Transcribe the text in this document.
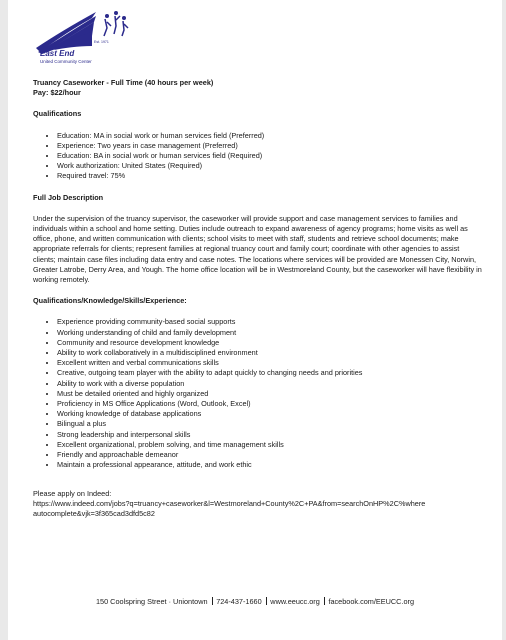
East End
United Community Center
Est. 1971
Truancy Caseworker - Full Time (40 hours per week)
Pay: $22/hour
Qualifications
• Education: MA in social work or human services field (Preferred)
• Experience: Two years in case management (Preferred)
• Education: BA in social work or human services field (Required)
• Work authorization: United States (Required)
• Required travel: 75%
Full Job Description
Under the supervision of the truancy supervisor, the caseworker will provide support and case management services to families and individuals within a school and home setting. Duties include outreach to expand awareness of agency programs; home visits as well as office, phone, and written communication with clients; school visits to meet with staff, students and retrieve school documents; make appropriate referrals for clients; represent families at regional truancy court and family court; coordinate with other agencies to assist clients; maintain case files including data entry and case notes. The locations where services will be provided are Monessen City, Norwin, Greater Latrobe, Derry Area, and Yough. The home office location will be in Westmoreland County, but the caseworker will have flexibility in working remotely.
Qualifications/Knowledge/Skills/Experience:
• Experience providing community-based social supports
• Working understanding of child and family development
• Community and resource development knowledge
• Ability to work collaboratively in a multidisciplined environment
• Excellent written and verbal communications skills
• Creative, outgoing team player with the ability to adapt quickly to changing needs and priorities
• Ability to work with a diverse population
• Must be detailed oriented and highly organized
• Proficiency in MS Office Applications (Word, Outlook, Excel)
• Working knowledge of database applications
• Bilingual a plus
• Strong leadership and interpersonal skills
• Excellent organizational, problem solving, and time management skills
• Friendly and approachable demeanor
• Maintain a professional appearance, attitude, and work ethic
Please apply on Indeed:
https://www.indeed.com/jobs?q=truancy+caseworker&l=Westmoreland+County%2C+PA&from=searchOnHP%2C%where
autocomplete&vjk=3f365cad3dfd5c82
150 Coolspring Street · Uniontown 724-437-1660 www.eeucc.org facebook.com/EEUCC.org
